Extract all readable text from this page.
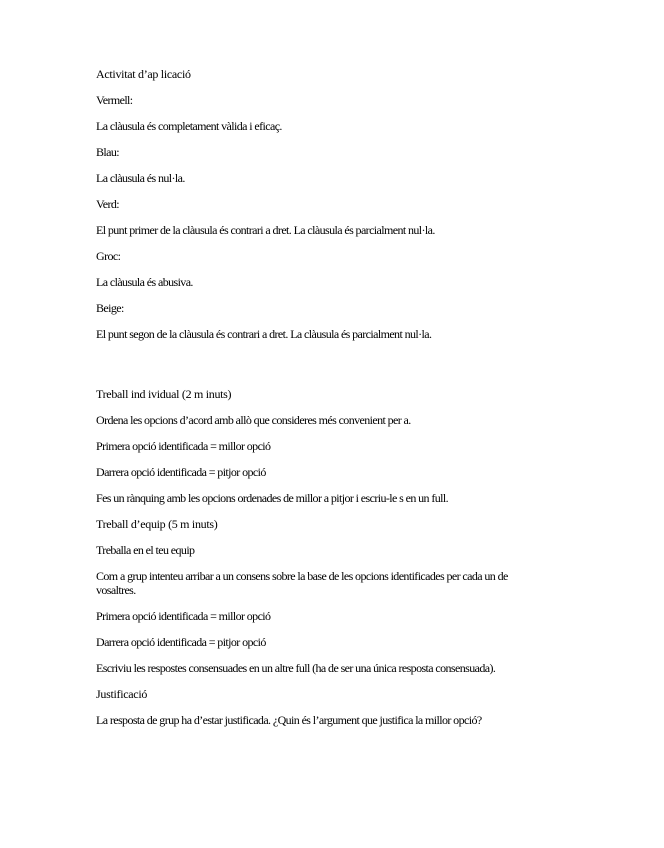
Activitat d’ap licació
Vermell:
La clàusula és completament vàlida i eficaç.
Blau:
La clàusula és nul·la.
Verd:
El punt primer de la clàusula és contrari a dret. La clàusula és parcialment nul·la.
Groc:
La clàusula és abusiva.
Beige:
El punt segon de la clàusula és contrari a dret. La clàusula és parcialment nul·la.
Treball ind ividual (2 m inuts)
Ordena les opcions d’acord amb allò que consideres més convenient per a.
Primera opció identificada = millor opció
Darrera opció identificada = pitjor opció
Fes un rànquing amb les opcions ordenades de millor a pitjor i escriu-le s en un full.
Treball d’equip (5 m inuts)
Treballa en el teu equip
Com a grup intenteu arribar a un consens sobre la base de les opcions identificades per cada un de vosaltres.
Primera opció identificada = millor opció
Darrera opció identificada = pitjor opció
Escriviu les respostes consensuades en un altre full (ha de ser una única resposta consensuada).
Justificació
La resposta de grup ha d’estar justificada. ¿Quin és l’argument que justifica la millor opció?
